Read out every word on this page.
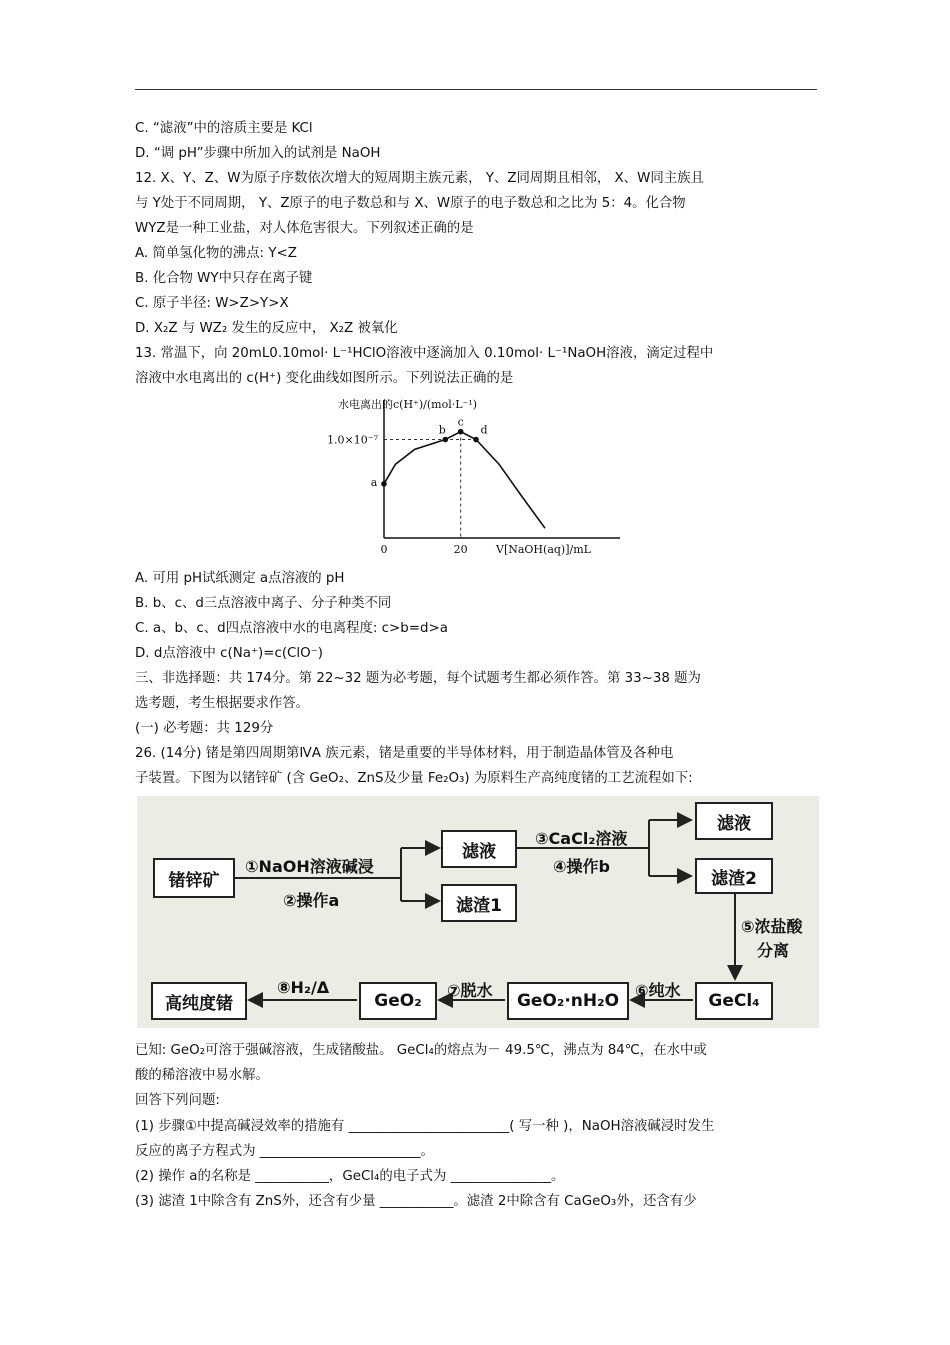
C. “滤液”中的溶质主要是 KCl
D. “调 pH”步骤中所加入的试剂是 NaOH
12. X、Y、Z、W为原子序数依次增大的短周期主族元素， Y、Z同周期且相邻， X、W同主族且
与 Y处于不同周期， Y、Z原子的电子数总和与 X、W原子的电子数总和之比为 5：4。化合物
WYZ是一种工业盐，对人体危害很大。下列叙述正确的是
A. 简单氢化物的沸点: Y<Z
B. 化合物 WY中只存在离子键
C. 原子半径: W>Z>Y>X
D. X₂Z 与 WZ₂ 发生的反应中， X₂Z 被氧化
13. 常温下，向 20mL0.10mol· L⁻¹HClO溶液中逐滴加入 0.10mol· L⁻¹NaOH溶液，滴定过程中
溶液中水电离出的 c(H⁺) 变化曲线如图所示。下列说法正确的是
水电离出的c(H⁺)/(mol·L⁻¹)
V[NaOH(aq)]/mL
1.0×10⁻⁷
0	20
a
b
c
d
A. 可用 pH试纸测定 a点溶液的 pH
B. b、c、d三点溶液中离子、分子种类不同
C. a、b、c、d四点溶液中水的电离程度: c>b=d>a
D. d点溶液中 c(Na⁺)=c(ClO⁻)
三、非选择题：共 174分。第 22~32 题为必考题，每个试题考生都必须作答。第 33~38 题为
选考题，考生根据要求作答。
(一) 必考题：共 129分
26. (14分) 锗是第四周期第ⅣA 族元素，锗是重要的半导体材料，用于制造晶体管及各种电
子装置。下图为以锗锌矿 (含 GeO₂、ZnS及少量 Fe₂O₃) 为原料生产高纯度锗的工艺流程如下:
锗锌矿
滤液
滤渣1
滤液
滤渣2
GeCl₄
GeO₂·nH₂O
GeO₂
高纯度锗
①NaOH溶液碱浸
②操作a
③CaCl₂溶液
④操作b
⑤浓盐酸
分离
⑥纯水
⑦脱水
⑧H₂/Δ
已知: GeO₂可溶于强碱溶液，生成锗酸盐。 GeCl₄的熔点为－ 49.5℃，沸点为 84℃，在水中或
酸的稀溶液中易水解。
回答下列问题:
(1) 步骤①中提高碱浸效率的措施有 ________________________( 写一种 )，NaOH溶液碱浸时发生
反应的离子方程式为 ________________________。
(2) 操作 a的名称是 ___________，GeCl₄的电子式为 _______________。
(3) 滤渣 1中除含有 ZnS外，还含有少量 ___________。滤渣 2中除含有 CaGeO₃外，还含有少
